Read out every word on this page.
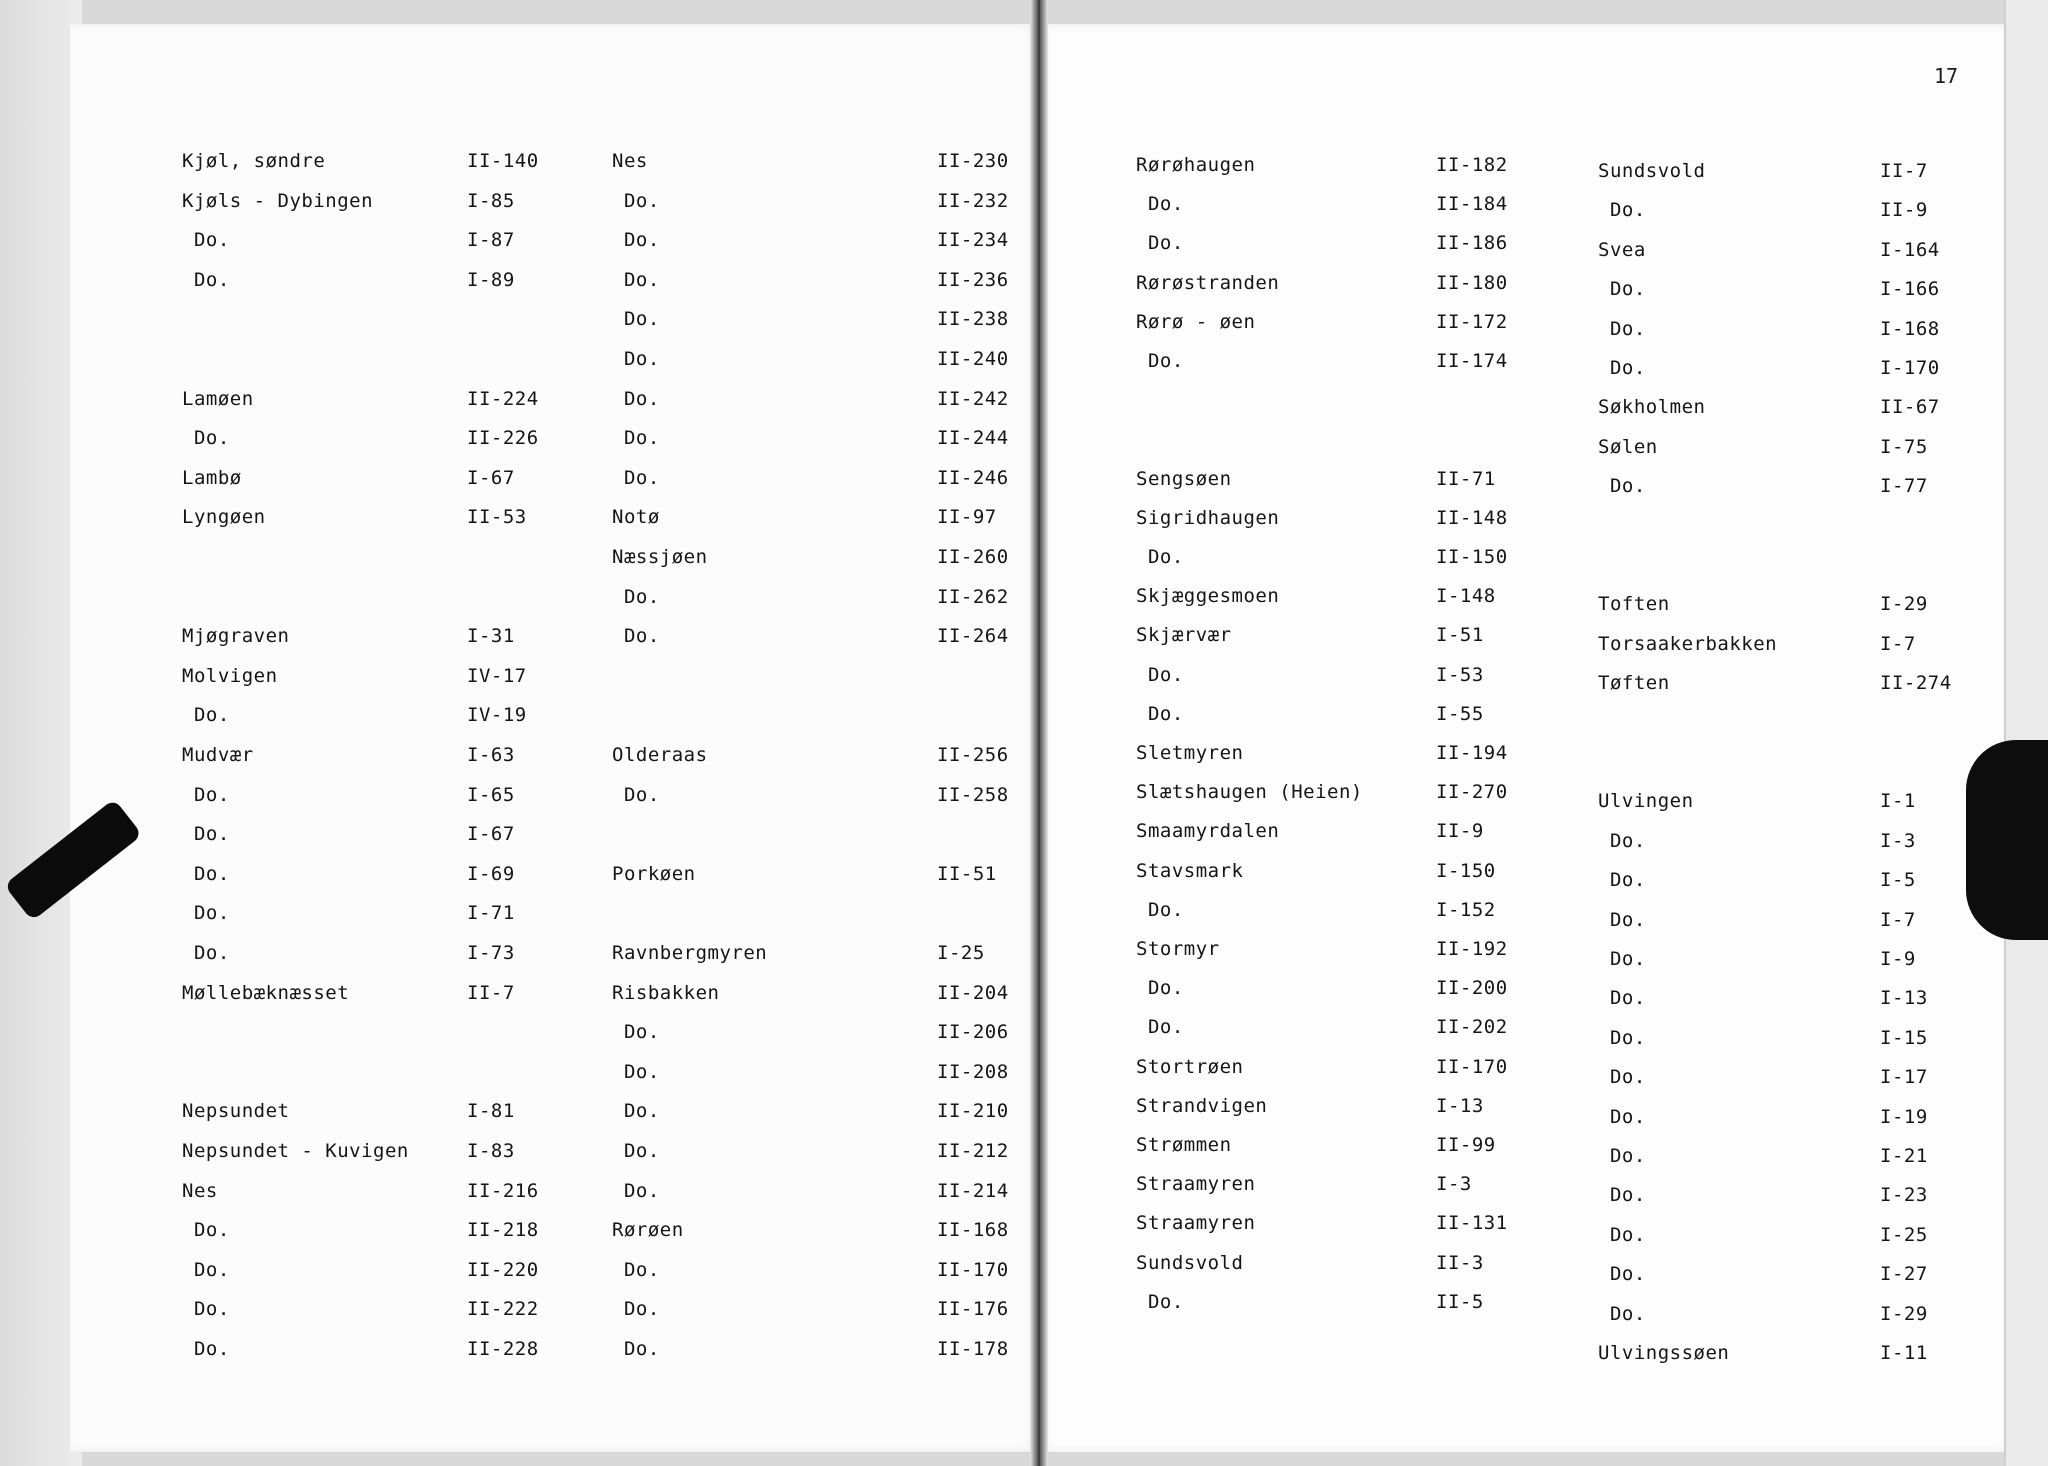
17
Kjøl, søndre	II-140
Kjøls - Dybingen	I-85
Do.	I-87
Do.	I-89
Lamøen	II-224
Do.	II-226
Lambø	I-67
Lyngøen	II-53
Mjøgraven	I-31
Molvigen	IV-17
Do.	IV-19
Mudvær	I-63
Do.	I-65
Do.	I-67
Do.	I-69
Do.	I-71
Do.	I-73
Møllebæknæsset	II-7
Nepsundet	I-81
Nepsundet - Kuvigen	I-83
Nes	II-216
Do.	II-218
Do.	II-220
Do.	II-222
Do.	II-228
Nes	II-230
Do.	II-232
Do.	II-234
Do.	II-236
Do.	II-238
Do.	II-240
Do.	II-242
Do.	II-244
Do.	II-246
Notø	II-97
Næssjøen	II-260
Do.	II-262
Do.	II-264
Olderaas	II-256
Do.	II-258
Porkøen	II-51
Ravnbergmyren	I-25
Risbakken	II-204
Do.	II-206
Do.	II-208
Do.	II-210
Do.	II-212
Do.	II-214
Rørøen	II-168
Do.	II-170
Do.	II-176
Do.	II-178
Rørøhaugen	II-182
Do.	II-184
Do.	II-186
Rørøstranden	II-180
Rørø - øen	II-172
Do.	II-174
Sengsøen	II-71
Sigridhaugen	II-148
Do.	II-150
Skjæggesmoen	I-148
Skjærvær	I-51
Do.	I-53
Do.	I-55
Sletmyren	II-194
Slætshaugen (Heien)	II-270
Smaamyrdalen	II-9
Stavsmark	I-150
Do.	I-152
Stormyr	II-192
Do.	II-200
Do.	II-202
Stortrøen	II-170
Strandvigen	I-13
Strømmen	II-99
Straamyren	I-3
Straamyren	II-131
Sundsvold	II-3
Do.	II-5
Sundsvold	II-7
Do.	II-9
Svea	I-164
Do.	I-166
Do.	I-168
Do.	I-170
Søkholmen	II-67
Sølen	I-75
Do.	I-77
Toften	I-29
Torsaakerbakken	I-7
Tøften	II-274
Ulvingen	I-1
Do.	I-3
Do.	I-5
Do.	I-7
Do.	I-9
Do.	I-13
Do.	I-15
Do.	I-17
Do.	I-19
Do.	I-21
Do.	I-23
Do.	I-25
Do.	I-27
Do.	I-29
Ulvingssøen	I-11
